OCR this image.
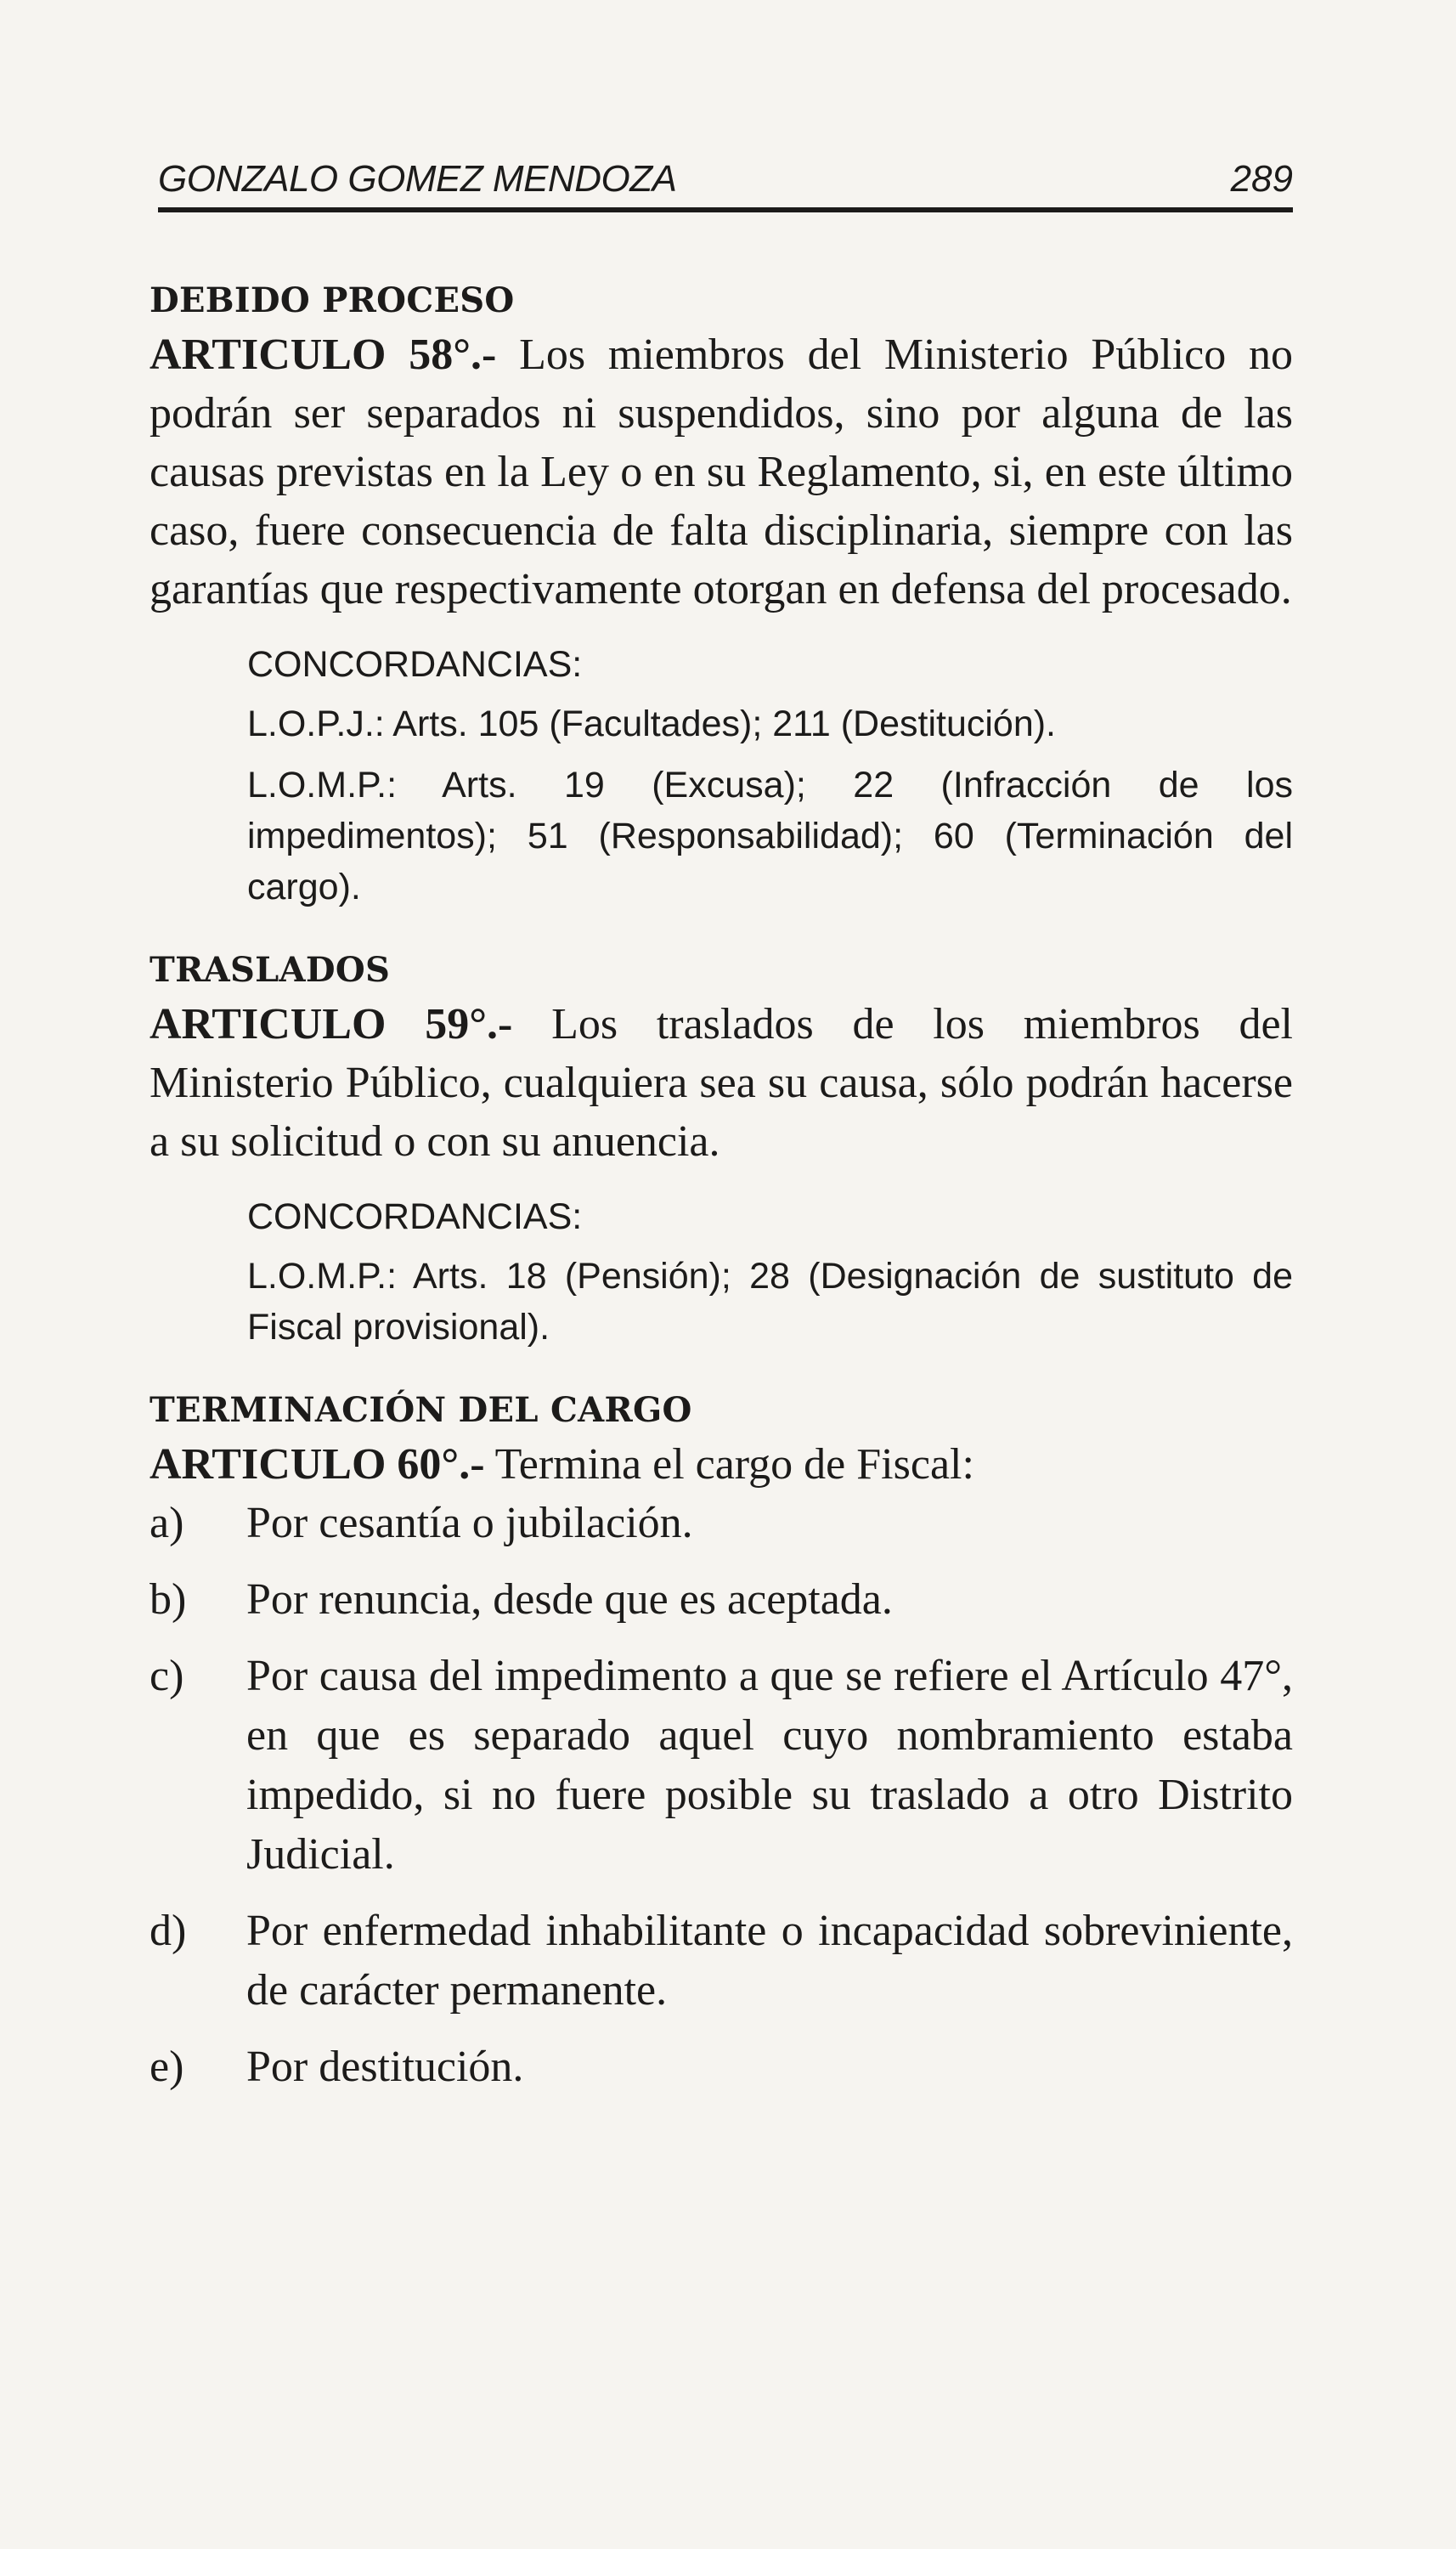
GONZALO GOMEZ MENDOZA	289
DEBIDO PROCESO

ARTICULO 58°.- Los miembros del Ministerio Público no podrán ser separados ni suspendidos, sino por alguna de las causas previstas en la Ley o en su Reglamento, si, en este último caso, fuere consecuencia de falta disciplinaria, siempre con las garantías que respectivamente otorgan en defensa del procesado.

CONCORDANCIAS:
L.O.P.J.: Arts. 105 (Facultades); 211 (Destitución).
L.O.M.P.: Arts. 19 (Excusa); 22 (Infracción de los impedimentos); 51 (Responsabilidad); 60 (Terminación del cargo).
TRASLADOS

ARTICULO 59°.- Los traslados de los miembros del Ministerio Público, cualquiera sea su causa, sólo podrán hacerse a su solicitud o con su anuencia.

CONCORDANCIAS:
L.O.M.P.: Arts. 18 (Pensión); 28 (Designación de sustituto de Fiscal provisional).
TERMINACIÓN DEL CARGO

ARTICULO 60°.- Termina el cargo de Fiscal:

a)	Por cesantía o jubilación.
b)	Por renuncia, desde que es aceptada.
c)	Por causa del impedimento a que se refiere el Artículo 47°, en que es separado aquel cuyo nombramiento estaba impedido, si no fuere posible su traslado a otro Distrito Judicial.
d)	Por enfermedad inhabilitante o incapacidad sobreviniente, de carácter permanente.
e)	Por destitución.
